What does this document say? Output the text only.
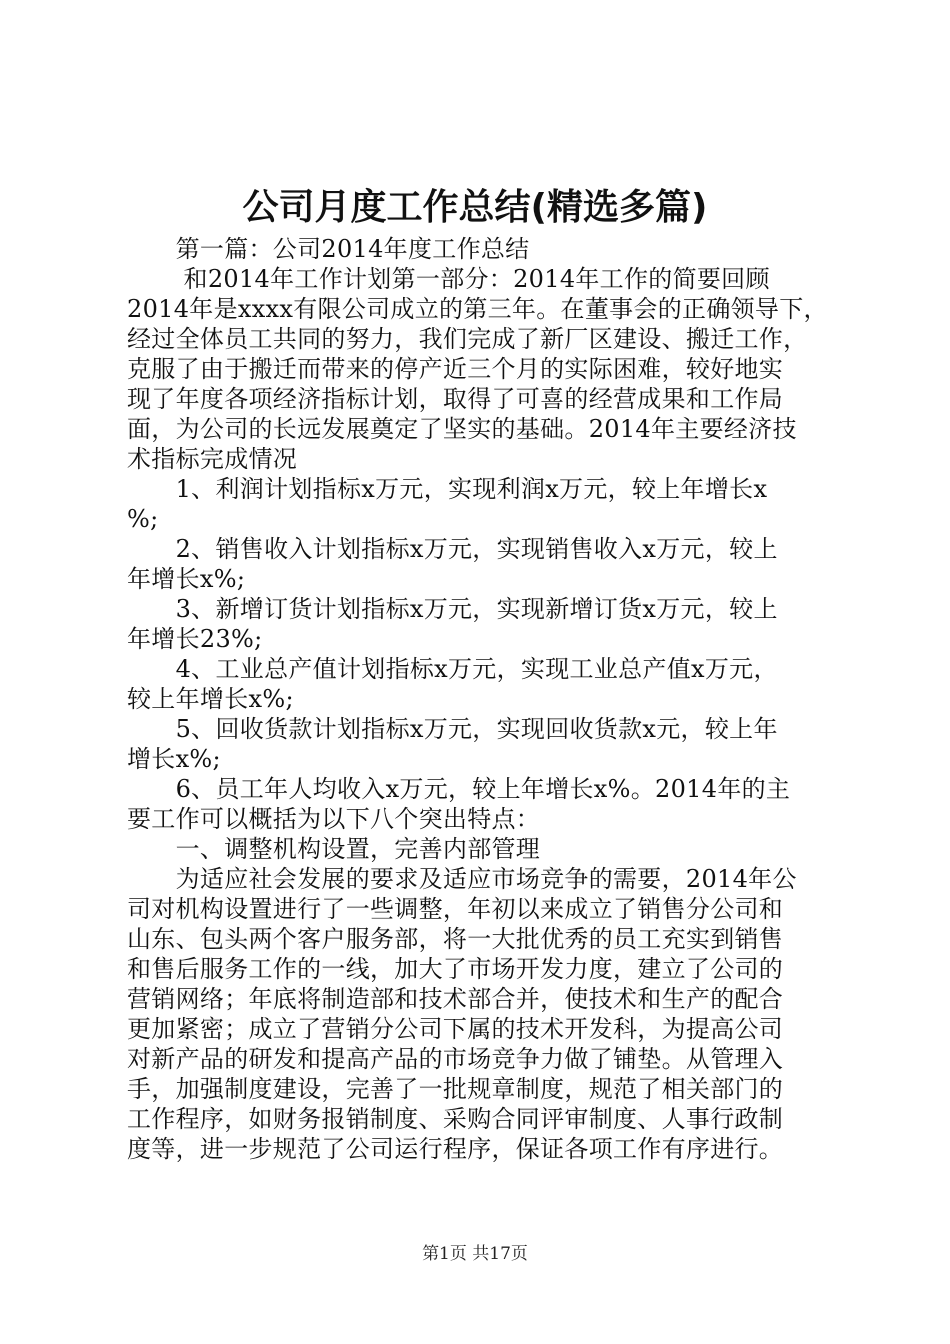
公司月度工作总结(精选多篇)
　　第一篇：公司2014年度工作总结
　　 和2014年工作计划第一部分：2014年工作的简要回顾
2014年是xxxx有限公司成立的第三年。在董事会的正确领导下，
经过全体员工共同的努力，我们完成了新厂区建设、搬迁工作，
克服了由于搬迁而带来的停产近三个月的实际困难，较好地实
现了年度各项经济指标计划，取得了可喜的经营成果和工作局
面，为公司的长远发展奠定了坚实的基础。2014年主要经济技
术指标完成情况
　　1、利润计划指标x万元，实现利润x万元，较上年增长x
%;
　　2、销售收入计划指标x万元，实现销售收入x万元，较上
年增长x%;
　　3、新增订货计划指标x万元，实现新增订货x万元，较上
年增长23%;
　　4、工业总产值计划指标x万元，实现工业总产值x万元，
较上年增长x%;
　　5、回收货款计划指标x万元，实现回收货款x元，较上年
增长x%;
　　6、员工年人均收入x万元，较上年增长x%。2014年的主
要工作可以概括为以下八个突出特点：
　　一、调整机构设置，完善内部管理
　　为适应社会发展的要求及适应市场竞争的需要，2014年公
司对机构设置进行了一些调整，年初以来成立了销售分公司和
山东、包头两个客户服务部，将一大批优秀的员工充实到销售
和售后服务工作的一线，加大了市场开发力度，建立了公司的
营销网络；年底将制造部和技术部合并，使技术和生产的配合
更加紧密；成立了营销分公司下属的技术开发科，为提高公司
对新产品的研发和提高产品的市场竞争力做了铺垫。从管理入
手，加强制度建设，完善了一批规章制度，规范了相关部门的
工作程序，如财务报销制度、采购合同评审制度、人事行政制
度等，进一步规范了公司运行程序，保证各项工作有序进行。
第1页 共17页
